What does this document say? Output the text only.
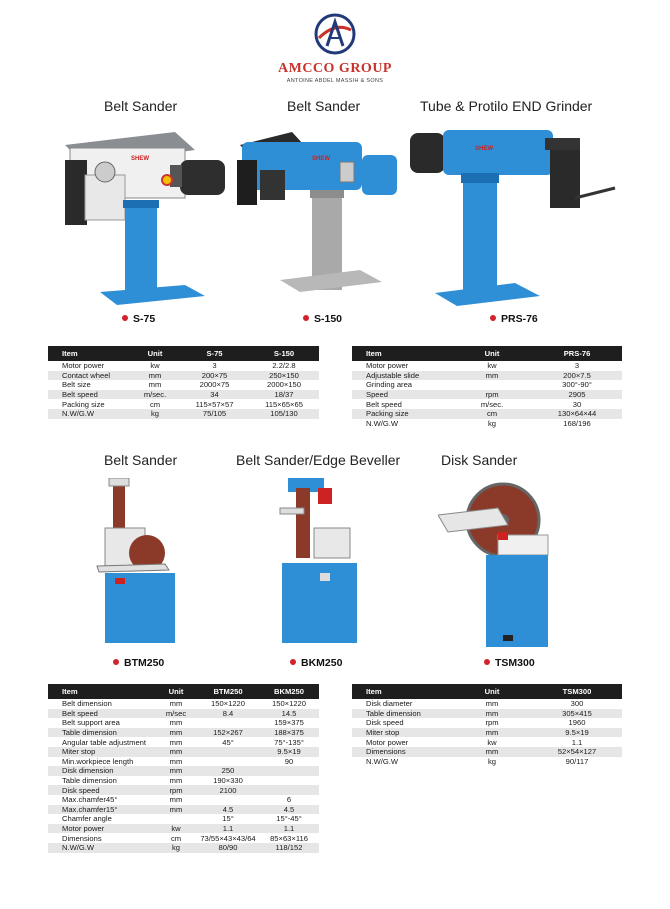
AMCCO GROUP
ANTOINE ABDEL MASSIH & SONS
Belt Sander	Belt Sander	Tube & Protilo END Grinder
SHEW	SHEW
SHEW
S-75	S-150	PRS-76
Item	Unit	S-75	S-150
Motor power	kw	3	2.2/2.8
Contact wheel	mm	200×75	250×150
Belt size	mm	2000×75	2000×150
Belt speed	m/sec.	34	18/37
Packing size	cm	115×57×57	115×65×65
N.W/G.W	kg	75/105	105/130
Item	Unit	PRS-76
Motor power	kw	3
Adjustable slide	mm	200×7.5
Grinding area		300°-90°
Speed	rpm	2905
Belt speed	m/sec.	30
Packing size	cm	130×64×44
N.W/G.W	kg	168/196
Belt Sander	Belt Sander/Edge Beveller	Disk Sander
BTM250	BKM250	TSM300
Item	Unit	BTM250	BKM250
Belt dimension	mm	150×1220	150×1220
Belt speed	m/sec	8.4	14.5
Belt support area	mm		159×375
Table dimension	mm	152×267	188×375
Angular table adjustment	mm	45°	75°-135°
Miter stop	mm		9.5×19
Min.workpiece length	mm		90
Disk dimension	mm	250	
Table dimension	mm	190×330	
Disk speed	rpm	2100	
Max.chamfer45°	mm		6
Max.chamfer15°	mm	4.5	4.5
Chamfer angle		15°	15°-45°
Motor power	kw	1.1	1.1
Dimensions	cm	73/55×43×43/64	85×63×116
N.W/G.W	kg	80/90	118/152
Item	Unit	TSM300
Disk diameter	mm	300
Table dimension	mm	305×415
Disk speed	rpm	1960
Miter stop	mm	9.5×19
Motor power	kw	1.1
Dimensions	mm	52×54×127
N.W/G.W	kg	90/117
